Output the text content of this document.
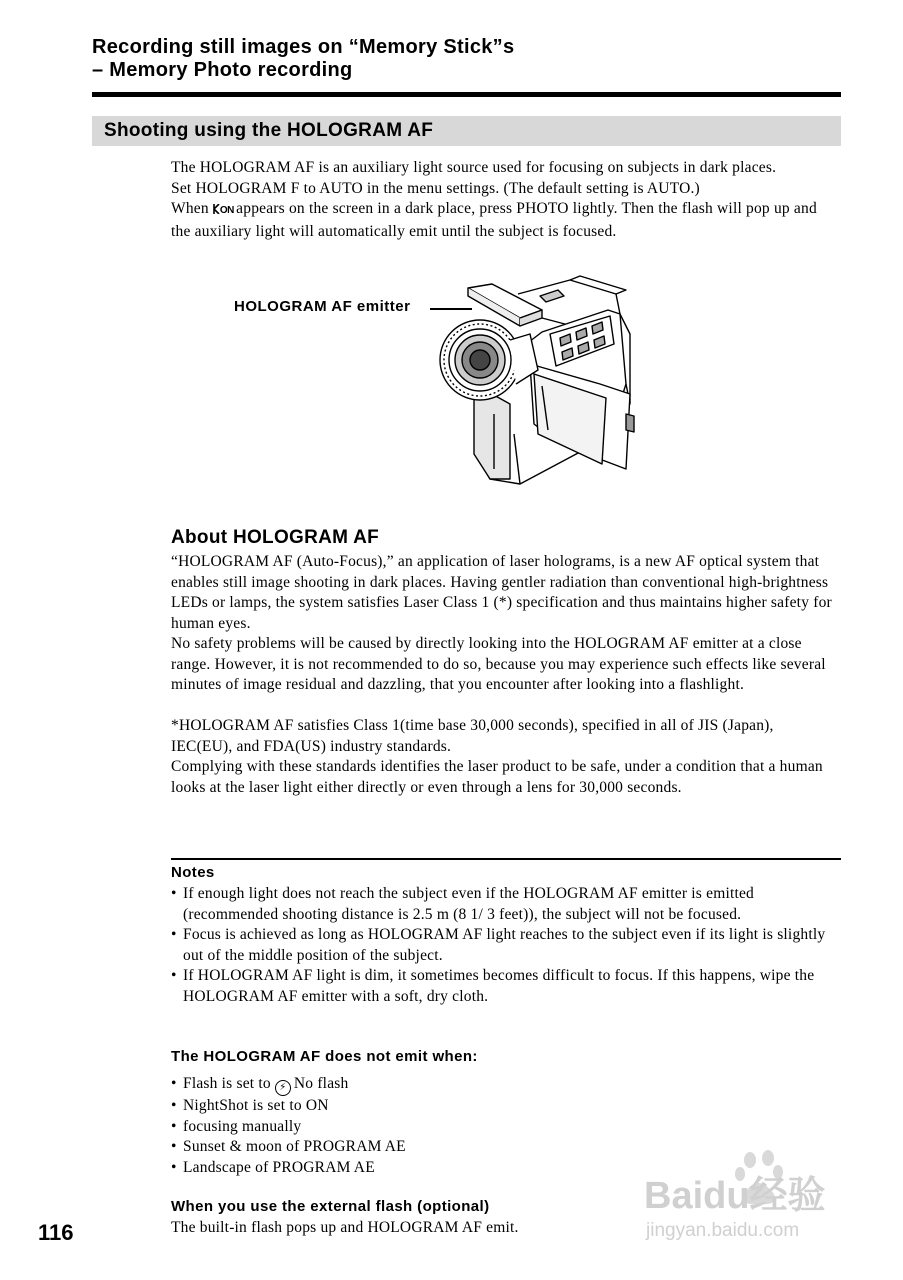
Recording still images on “Memory Stick”s
– Memory Photo recording
Shooting using the HOLOGRAM AF

The HOLOGRAM AF is an auxiliary light source used for focusing on subjects in dark places.

Set HOLOGRAM F to AUTO in the menu settings. (The default setting is AUTO.)

When ON appears on the screen in a dark place, press PHOTO lightly. Then the flash will pop up and the auxiliary light will automatically emit until the subject is focused.

HOLOGRAM AF emitter
About HOLOGRAM AF

“HOLOGRAM AF (Auto-Focus),” an application of laser holograms, is a new AF optical system that enables still image shooting in dark places. Having gentler radiation than conventional high-brightness LEDs or lamps, the system satisfies Laser Class 1 (*) specification and thus maintains higher safety for human eyes.

No safety problems will be caused by directly looking into the HOLOGRAM AF emitter at a close range. However, it is not recommended to do so, because you may experience such effects like several minutes of image residual and dazzling, that you encounter after looking into a flashlight.

*HOLOGRAM AF satisfies Class 1(time base 30,000 seconds), specified in all of JIS (Japan), IEC(EU), and FDA(US) industry standards.

Complying with these standards identifies the laser product to be safe, under a condition that a human looks at the laser light either directly or even through a lens for 30,000 seconds.

Notes
• If enough light does not reach the subject even if the HOLOGRAM AF emitter is emitted (recommended shooting distance is 2.5 m (8 1/ 3 feet)), the subject will not be focused.
• Focus is achieved as long as HOLOGRAM AF light reaches to the subject even if its light is slightly out of the middle position of the subject.
• If HOLOGRAM AF light is dim, it sometimes becomes difficult to focus. If this happens, wipe the HOLOGRAM AF emitter with a soft, dry cloth.
The HOLOGRAM AF does not emit when:
• Flash is set to ⚡ No flash
• NightShot is set to ON
• focusing manually
• Sunset & moon of PROGRAM AE
• Landscape of PROGRAM AE
When you use the external flash (optional)
The built-in flash pops up and HOLOGRAM AF emit.
116
Baidu经验
jingyan.baidu.com
